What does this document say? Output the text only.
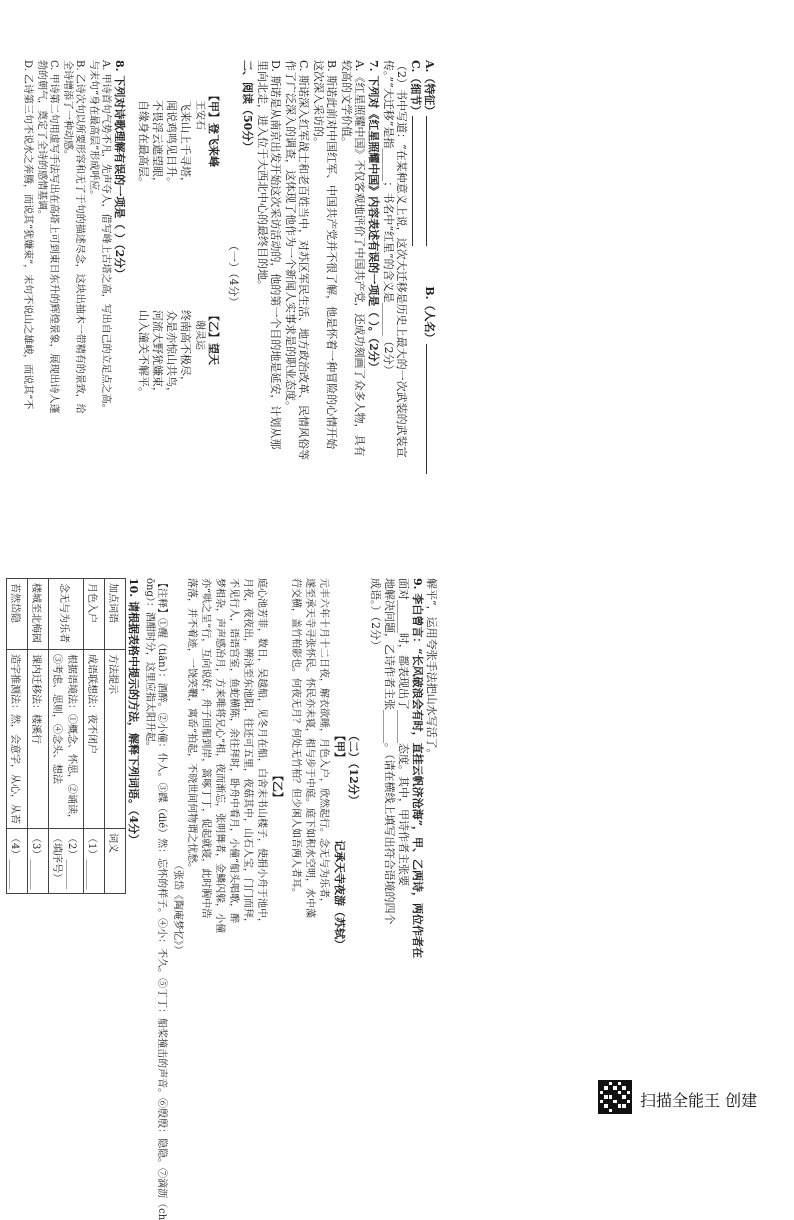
A.（特征）B.（人名）
C.（细节）
（2）书中写道：“在某种意义上说，这次大迁移是历史上最大的一次武装的武装宣传。”“大迁移”是指______；书名中“红星”的含义是______（2分）
7. 下列对《红星照耀中国》内容表述有误的一项是（ ）。（2分）
A.《红星照耀中国》不仅客观地评价了中国共产党，还成功刻画了众多人物，具有较高的文学价值。
B. 斯诺此前对中国红军、中国共产党并不很了解，他是怀着一种冒险的心情开始这次深入采访的。
C. 斯诺深入红军战士和老百姓当中，对苏区军民生活、地方政治改革、民情风俗等作了广泛深入的调查，这体现了他作为一个新闻人实事求是的职业态度。
D. 斯诺是从南京出发开始这次采访活动的，他的第一个目的地是延安，计划从那里向北走，进入位于大西北中心的最终目的地。
二、阅读（50分）
（一）（4分）
【甲】登飞来峰
王安石
飞来山上千寻塔，
闻说鸡鸣见日升。
不畏浮云遮望眼，
自缘身在最高层。
【乙】望天
谢灵运
终南高不极尽，
众是亦惊山共鸟，
河流大野犹嫌束，
山入潼关不解平。
8. 下列对诗歌理解有误的一项是（ ）（2分）
A. 甲诗首句气势不凡，先声夺人，借写峰上古塔之高，写出自己的立足点之高。
与末句“身在最高层”形成呼应。
B. 乙诗次句以所要形容和无了于句的描述尽念，这块出抽木一带精有的景致，给
全诗增添了一种动感。
C. 甲诗第二句用虚写手法写出在高塔上可到東日东升的辉煌景象，展现出诗人蓬
勃的朝气，奠定了全诗的感情基调。
D. 乙诗第三句不说水之奔腾，而说其“犹嫌束”，末句不说山之雄峻，而说其“不
解平”，运用夸张手法把山水写活了。
9. 李白曾言：“长风破浪会有时，直挂云帆济沧海”，甲、乙两诗，两位作者在
面对______时，都表现出了______态度。其中，甲诗作者主张要
地解决问题，乙诗作者主张______。（请在横线上填写出符合语境的四个
成语。）（2分）
（二）（12分）
【甲】
记承天寺夜游（苏轼）
元丰六年十月十二日夜，解衣欲睡，月色入户，欣然起行。念无与为乐者，
遂至承天寺寻张怀民。怀民亦未寝，相与步于中庭。庭下如积水空明，水中藻
荇交横，盖竹柏影也。何夜无月？何处无竹柏？但少闲人如吾两人者耳。
【乙】
庭心池芳菲，数日，吴越船，见冬月在船，白舍末书山楼子，使捐小舟于池中，
月夜，夜夜出，辨泳至东池阳，往还可五里，夜菇其中，山石人宝，门门而拜，
不见行人，语语宫室，鱼蛇横陈，余往拜时，卧舟中看月，小僮“船头唱歌，醉
梦相杂，声声感冶月，方来唯将兄心”相，夜而渐忘，张明舞者，金鳞闪躲，小僮
亦“哄之呈”行，互向说好，舟子回船到岸，篙啄丁丁，促起就寝，此时胸中浩
落落，并不着迹，一饶笑鞭，寓岙“拍起，不晓世间何物谓之忧愁。
（张岱《陶庵梦忆》）
【注释】①醒（tiān）：酒醉。②小僮：仆人。③蹀（dié）然：忘怀的样子。④小：不久。⑤丁丁：船桨撞击的声音。⑥殷殷：隐隐。⑦滴沥（ch
ōng）：酒酣时分，这里应指太阳升起。
10. 请根据表格中提示的方法，解释下列词语。（4分）
加点词语	方法提示	词义
月色入户	成语联想法：夜不闭户	（1）______
念无与为乐者	根据语境法：①概念、怀思，②诵读，③考虑、思则，④念头、想法	（2）______（填序号）
楼城至北梅园	课内迁移法：楼溪行	（3）______
苔然岱隐	造字推测法：然，会意字，从心，从苔	（4）______
扫描全能王 创建
